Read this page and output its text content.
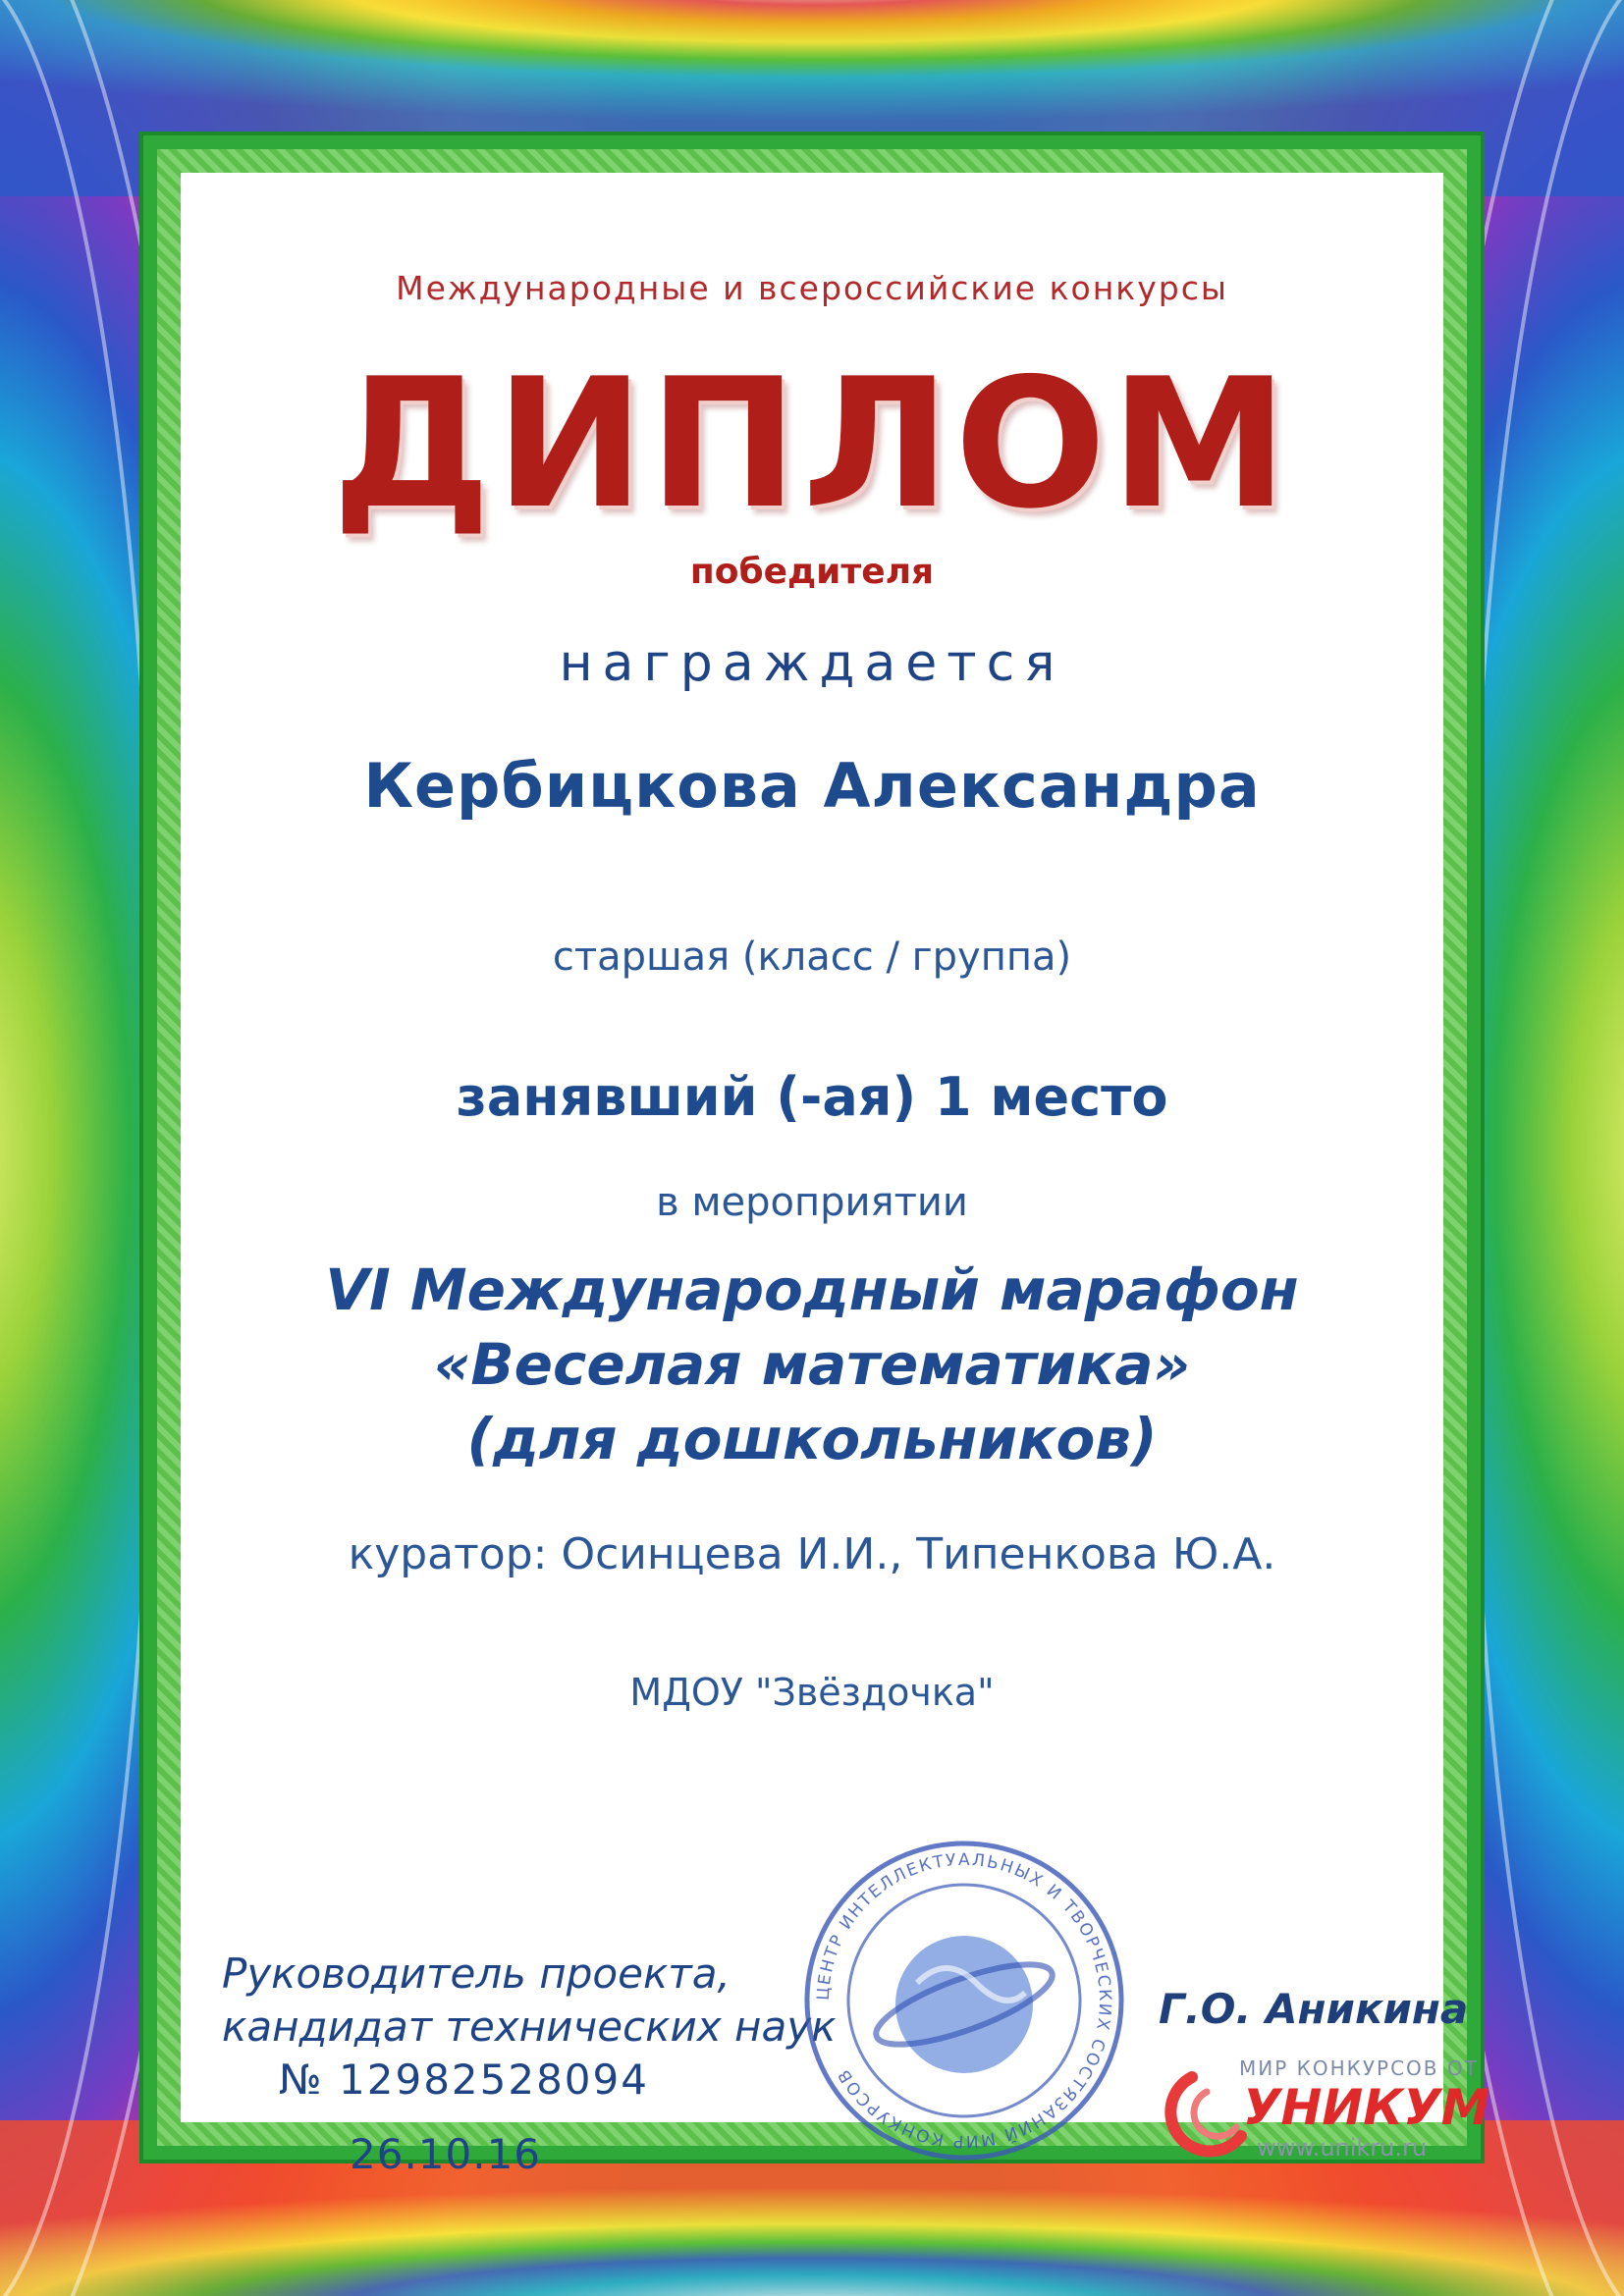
Международные и всероссийские конкурсы
ДИПЛОМ
победителя
награждается
Кербицкова Александра
старшая (класс / группа)
занявший (-ая) 1 место
в мероприятии
VI Международный марафон
«Веселая математика»
(для дошкольников)
куратор: Осинцева И.И., Типенкова Ю.А.
МДОУ "Звёздочка"
Руководитель проекта,
кандидат технических наук
№ 12982528094
26.10.16
ЦЕНТР ИНТЕЛЛЕКТУАЛЬНЫХ И ТВОРЧЕСКИХ СОСТЯЗАНИЙ МИР КОНКУРСОВ
Г.О. Аникина
МИР КОНКУРСОВ ОТ
УНИКУМ
www.unikru.ru
